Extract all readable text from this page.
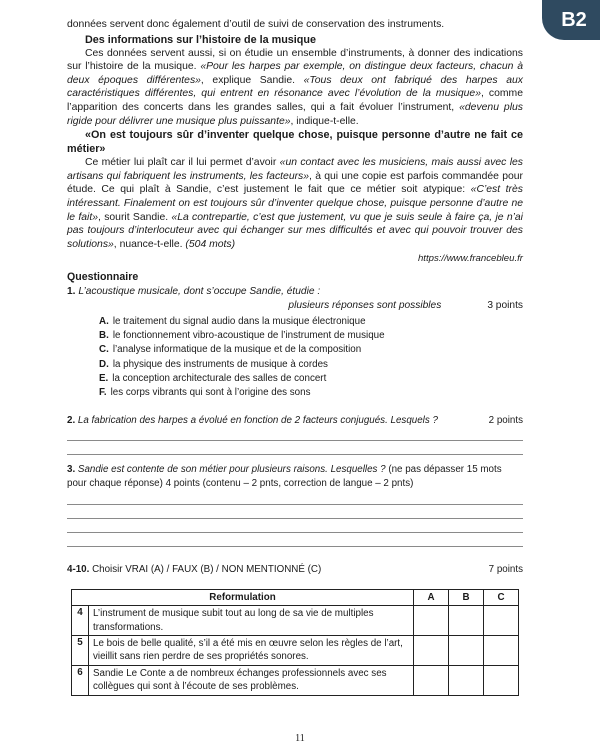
B2

données servent donc également d’outil de suivi de conservation des instruments.

Des informations sur l’histoire de la musique

Ces données servent aussi, si on étudie un ensemble d’instruments, à donner des indications sur l’histoire de la musique. «Pour les harpes par exemple, on distingue deux facteurs, chacun à deux époques différentes», explique Sandie. «Tous deux ont fabriqué des harpes aux caractéristiques différentes, qui entrent en résonance avec l’évolution de la musique», comme l’apparition des concerts dans les grandes salles, qui a fait évoluer l’instrument, «devenu plus rigide pour délivrer une musique plus puissante», indique-t-elle.

«On est toujours sûr d’inventer quelque chose, puisque personne d’autre ne fait ce métier»

Ce métier lui plaît car il lui permet d’avoir «un contact avec les musiciens, mais aussi avec les artisans qui fabriquent les instruments, les facteurs», à qui une copie est parfois commandée pour étude. Ce qui plaît à Sandie, c’est justement le fait que ce métier soit atypique: «C’est très intéressant. Finalement on est toujours sûr d’inventer quelque chose, puisque personne d’autre ne le fait», sourit Sandie. «La contrepartie, c’est que justement, vu que je suis seule à faire ça, je n’ai pas toujours d’interlocuteur avec qui échanger sur mes difficultés et avec qui pouvoir trouver des solutions», nuance-t-elle. (504 mots)

https://www.francebleu.fr

Questionnaire

1. L’acoustique musicale, dont s’occupe Sandie, étudie :

plusieurs réponses sont possibles	3 points
A. le traitement du signal audio dans la musique électronique
B. le fonctionnement vibro-acoustique de l’instrument de musique
C. l’analyse informatique de la musique et de la composition
D. la physique des instruments de musique à cordes
E. la conception architecturale des salles de concert
F. les corps vibrants qui sont à l’origine des sons
2. La fabrication des harpes a évolué en fonction de 2 facteurs conjugués. Lesquels ?	2 points

3. Sandie est contente de son métier pour plusieurs raisons. Lesquelles ? (ne pas dépasser 15 mots pour chaque réponse) 4 points (contenu – 2 pnts, correction de langue – 2 pnts)

4-10. Choisir VRAI (A) / FAUX (B) / NON MENTIONNÉ (C)	7 points
Reformulation		A	B	C
4	L’instrument de musique subit tout au long de sa vie de multiples transformations.			
5	Le bois de belle qualité, s’il a été mis en œuvre selon les règles de l’art, vieillit sans rien perdre de ses propriétés sonores.			
6	Sandie Le Conte a de nombreux échanges professionnels avec ses collègues qui sont à l’écoute de ses problèmes.			
11
